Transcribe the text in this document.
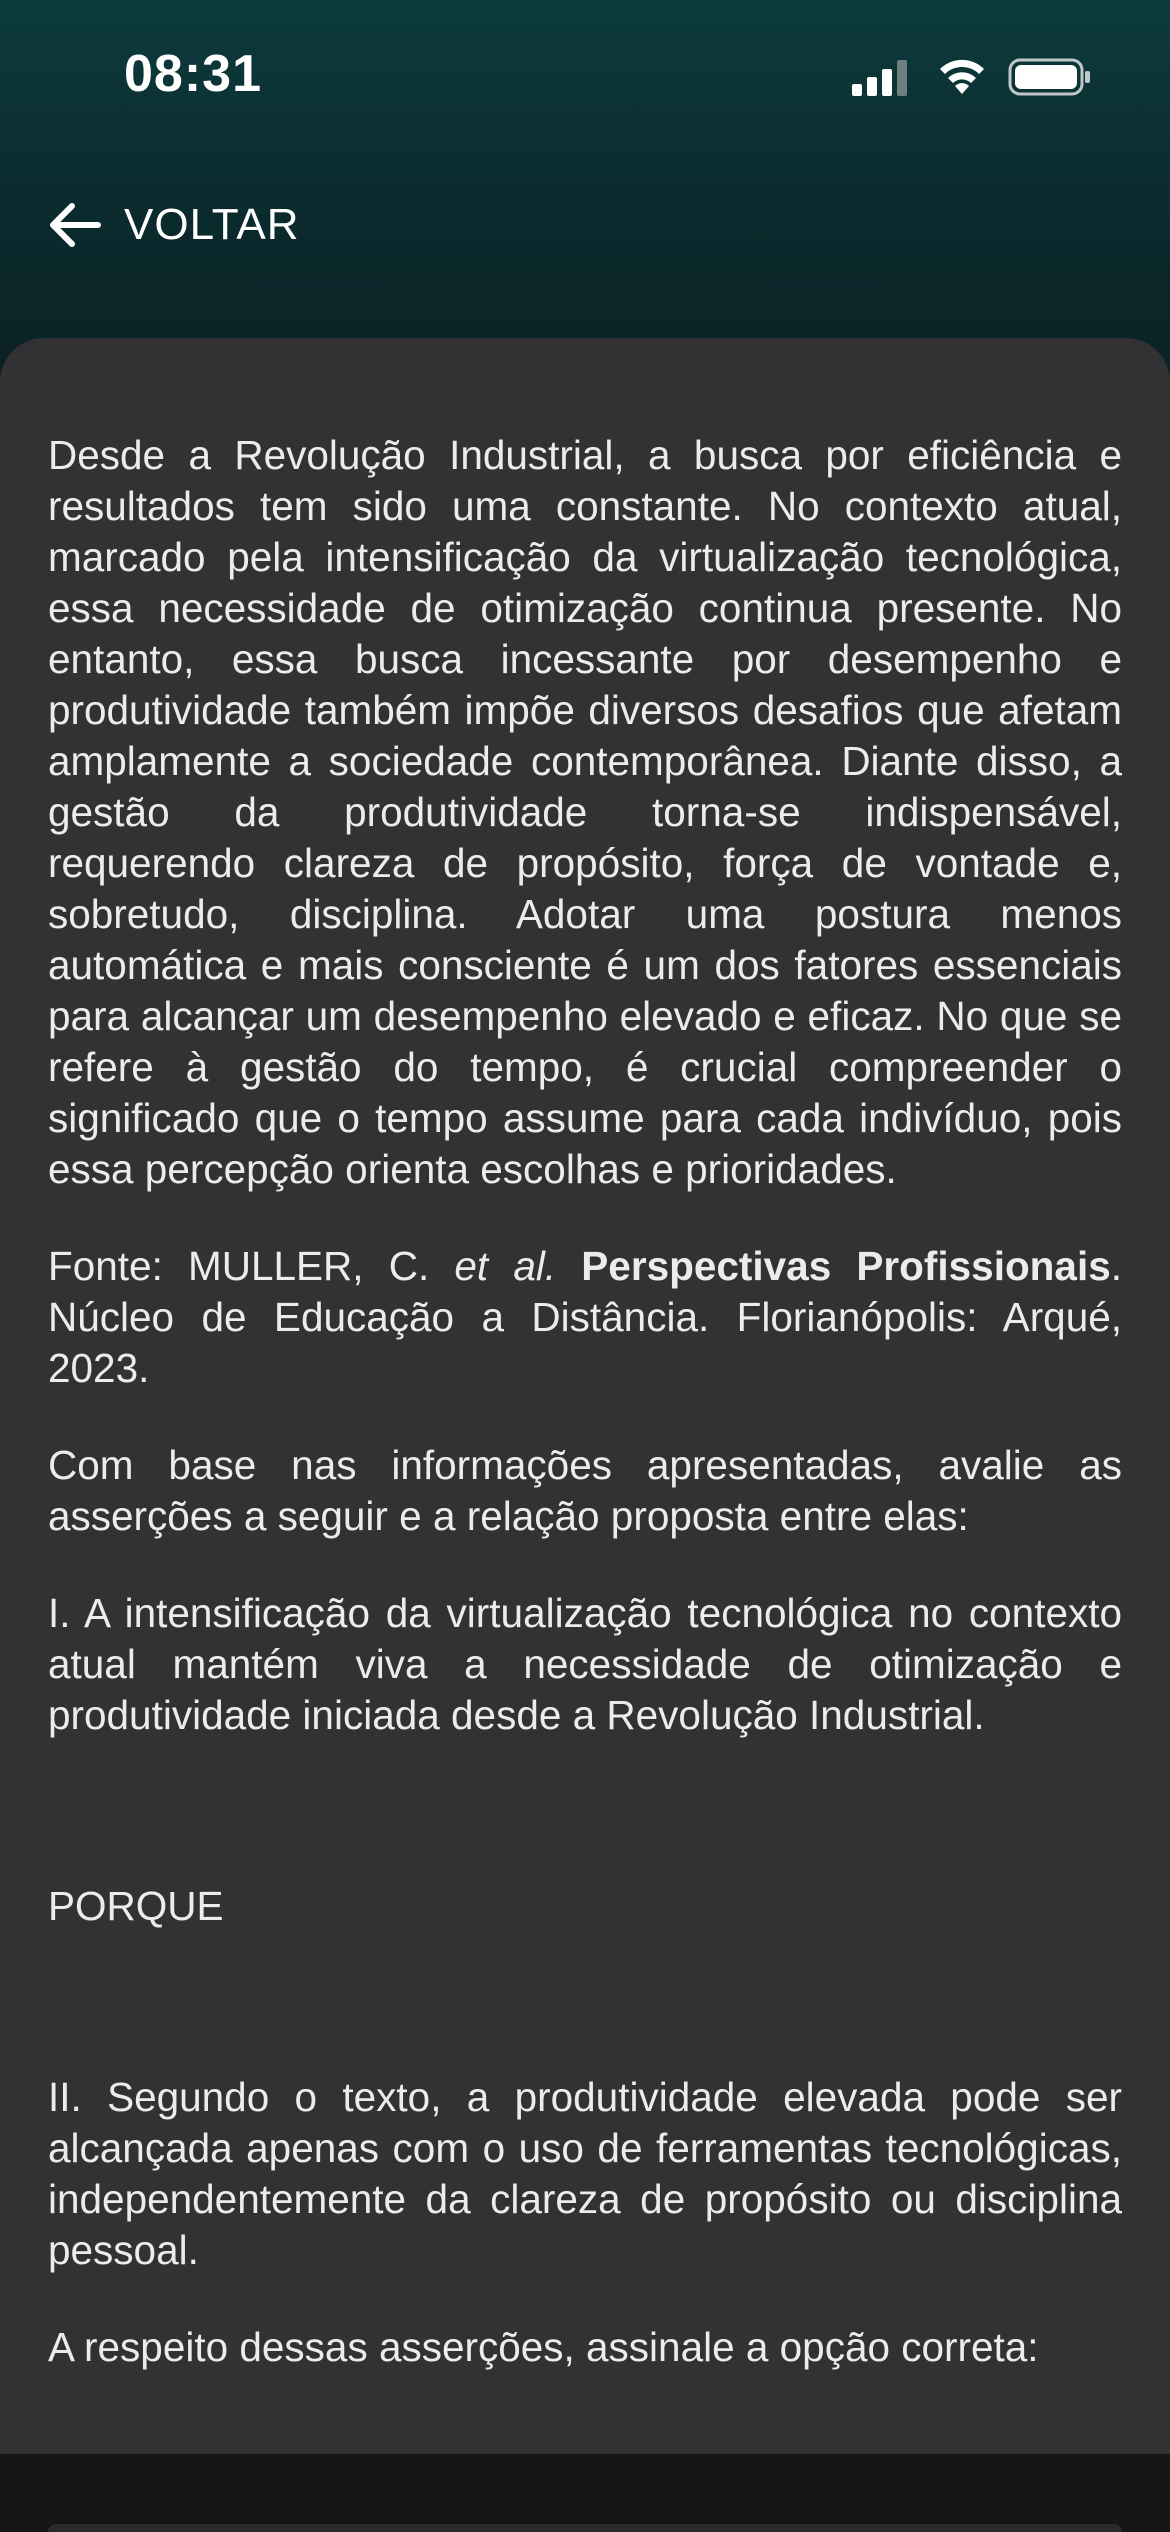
08:31
VOLTAR

Desde a Revolução Industrial, a busca por eficiência e resultados tem sido uma constante. No contexto atual, marcado pela intensificação da virtualização tecnológica, essa necessidade de otimização continua presente. No entanto, essa busca incessante por desempenho e produtividade também impõe diversos desafios que afetam amplamente a sociedade contemporânea. Diante disso, a gestão da produtividade torna-se indispensável, requerendo clareza de propósito, força de vontade e, sobretudo, disciplina. Adotar uma postura menos automática e mais consciente é um dos fatores essenciais para alcançar um desempenho elevado e eficaz. No que se refere à gestão do tempo, é crucial compreender o significado que o tempo assume para cada indivíduo, pois essa percepção orienta escolhas e prioridades.

Fonte: MULLER, C. et al. Perspectivas Profissionais. Núcleo de Educação a Distância. Florianópolis: Arqué, 2023.

Com base nas informações apresentadas, avalie as asserções a seguir e a relação proposta entre elas:

I. A intensificação da virtualização tecnológica no contexto atual mantém viva a necessidade de otimização e produtividade iniciada desde a Revolução Industrial.

PORQUE

II. Segundo o texto, a produtividade elevada pode ser alcançada apenas com o uso de ferramentas tecnológicas, independentemente da clareza de propósito ou disciplina pessoal.

A respeito dessas asserções, assinale a opção correta:
